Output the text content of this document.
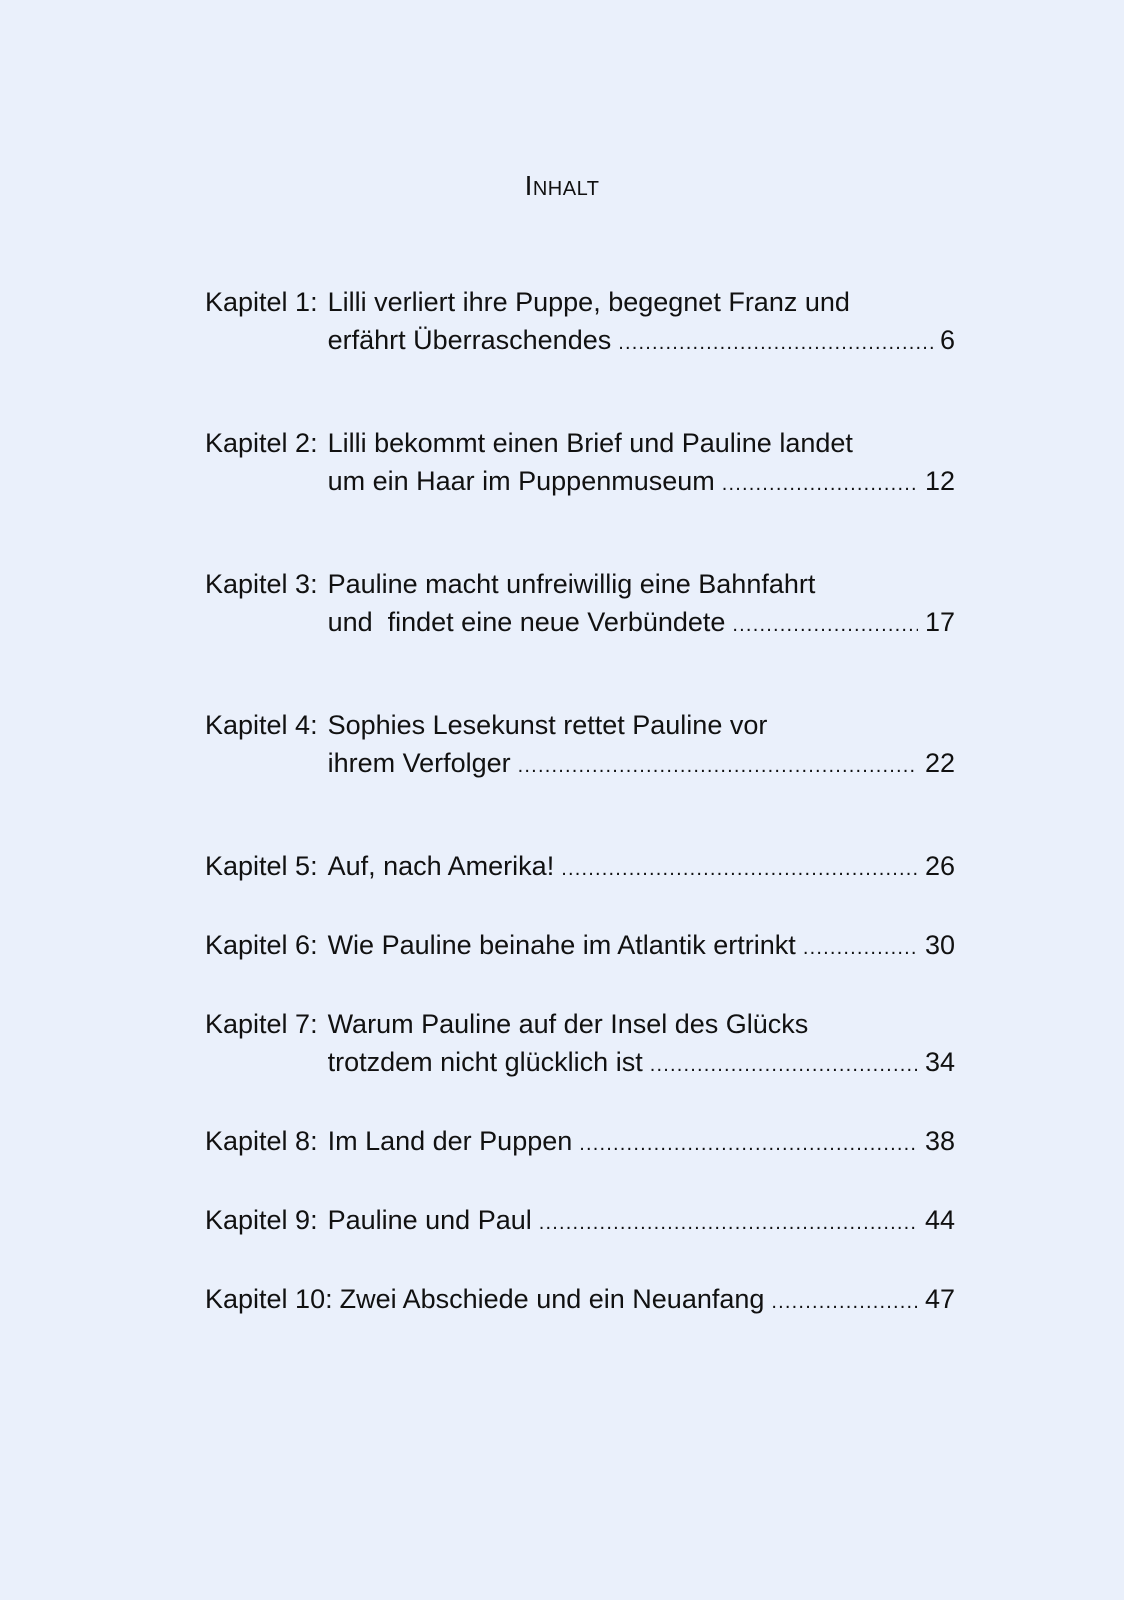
Inhalt
Kapitel 1: Lilli verliert ihre Puppe, begegnet Franz und
erfährt Überraschendes .....	6
Kapitel 2: Lilli bekommt einen Brief und Pauline landet
um ein Haar im Puppenmuseum .....	12
Kapitel 3: Pauline macht unfreiwillig eine Bahnfahrt
und  findet eine neue Verbündete .....	17
Kapitel 4: Sophies Lesekunst rettet Pauline vor
ihrem Verfolger .....	22
Kapitel 5: Auf, nach Amerika! .....	26
Kapitel 6: Wie Pauline beinahe im Atlantik ertrinkt .....	30
Kapitel 7: Warum Pauline auf der Insel des Glücks
trotzdem nicht glücklich ist .....	34
Kapitel 8: Im Land der Puppen .....	38
Kapitel 9: Pauline und Paul .....	44
Kapitel 10: Zwei Abschiede und ein Neuanfang .....	47
